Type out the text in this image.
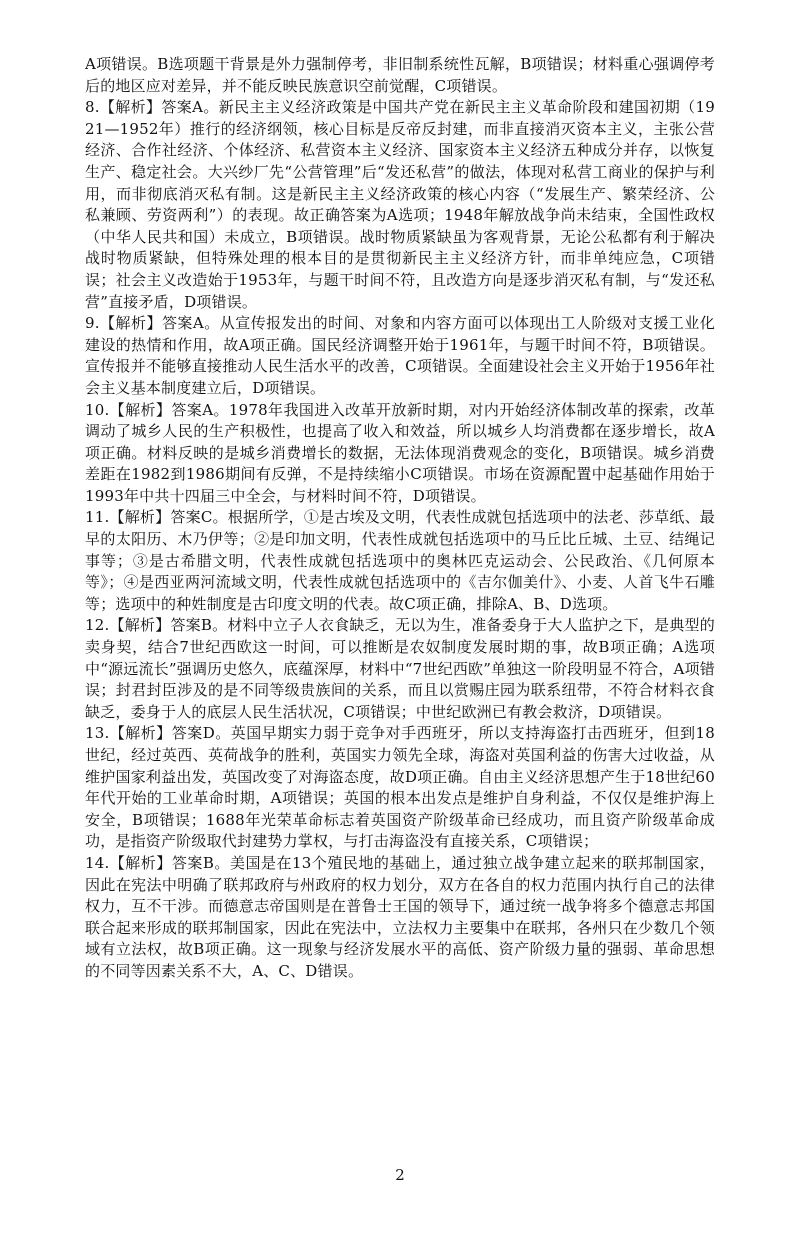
A项错误。B选项题干背景是外力强制停考，非旧制系统性瓦解，B项错误；材料重心强调停考后的地区应对差异，并不能反映民族意识空前觉醒，C项错误。

8.【解析】答案A。新民主主义经济政策是中国共产党在新民主主义革命阶段和建国初期（1921—1952年）推行的经济纲领，核心目标是反帝反封建，而非直接消灭资本主义，主张公营经济、合作社经济、个体经济、私营资本主义经济、国家资本主义经济五种成分并存，以恢复生产、稳定社会。大兴纱厂先“公营管理”后“发还私营”的做法，体现对私营工商业的保护与利用，而非彻底消灭私有制。这是新民主主义经济政策的核心内容（“发展生产、繁荣经济、公私兼顾、劳资两利”）的表现。故正确答案为A选项；1948年解放战争尚未结束，全国性政权（中华人民共和国）未成立，B项错误。战时物质紧缺虽为客观背景，无论公私都有利于解决战时物质紧缺，但特殊处理的根本目的是贯彻新民主主义经济方针，而非单纯应急，C项错误；社会主义改造始于1953年，与题干时间不符，且改造方向是逐步消灭私有制，与“发还私营”直接矛盾，D项错误。

9.【解析】答案A。从宣传报发出的时间、对象和内容方面可以体现出工人阶级对支援工业化建设的热情和作用，故A项正确。国民经济调整开始于1961年，与题干时间不符，B项错误。宣传报并不能够直接推动人民生活水平的改善，C项错误。全面建设社会主义开始于1956年社会主义基本制度建立后，D项错误。

10.【解析】答案A。1978年我国进入改革开放新时期，对内开始经济体制改革的探索，改革调动了城乡人民的生产积极性，也提高了收入和效益，所以城乡人均消费都在逐步增长，故A项正确。材料反映的是城乡消费增长的数据，无法体现消费观念的变化，B项错误。城乡消费差距在1982到1986期间有反弹，不是持续缩小C项错误。市场在资源配置中起基础作用始于1993年中共十四届三中全会，与材料时间不符，D项错误。

11.【解析】答案C。根据所学，①是古埃及文明，代表性成就包括选项中的法老、莎草纸、最早的太阳历、木乃伊等；②是印加文明，代表性成就包括选项中的马丘比丘城、土豆、结绳记事等；③是古希腊文明，代表性成就包括选项中的奥林匹克运动会、公民政治、《几何原本等》；④是西亚两河流域文明，代表性成就包括选项中的《吉尔伽美什》、小麦、人首飞牛石雕等；选项中的种姓制度是古印度文明的代表。故C项正确，排除A、B、D选项。

12.【解析】答案B。材料中立子人衣食缺乏，无以为生，准备委身于大人监护之下，是典型的卖身契，结合7世纪西欧这一时间，可以推断是农奴制度发展时期的事，故B项正确；A选项中“源远流长”强调历史悠久，底蕴深厚，材料中“7世纪西欧”单独这一阶段明显不符合，A项错误；封君封臣涉及的是不同等级贵族间的关系，而且以赏赐庄园为联系纽带，不符合材料衣食缺乏，委身于人的底层人民生活状况，C项错误；中世纪欧洲已有教会救济，D项错误。

13.【解析】答案D。英国早期实力弱于竞争对手西班牙，所以支持海盗打击西班牙，但到18世纪，经过英西、英荷战争的胜利，英国实力领先全球，海盗对英国利益的伤害大过收益，从维护国家利益出发，英国改变了对海盗态度，故D项正确。自由主义经济思想产生于18世纪60年代开始的工业革命时期，A项错误；英国的根本出发点是维护自身利益，不仅仅是维护海上安全，B项错误；1688年光荣革命标志着英国资产阶级革命已经成功，而且资产阶级革命成功，是指资产阶级取代封建势力掌权，与打击海盗没有直接关系，C项错误；

14.【解析】答案B。美国是在13个殖民地的基础上，通过独立战争建立起来的联邦制国家，因此在宪法中明确了联邦政府与州政府的权力划分，双方在各自的权力范围内执行自己的法律权力，互不干涉。而德意志帝国则是在普鲁士王国的领导下，通过统一战争将多个德意志邦国联合起来形成的联邦制国家，因此在宪法中，立法权力主要集中在联邦，各州只在少数几个领域有立法权，故B项正确。这一现象与经济发展水平的高低、资产阶级力量的强弱、革命思想的不同等因素关系不大，A、C、D错误。

2
